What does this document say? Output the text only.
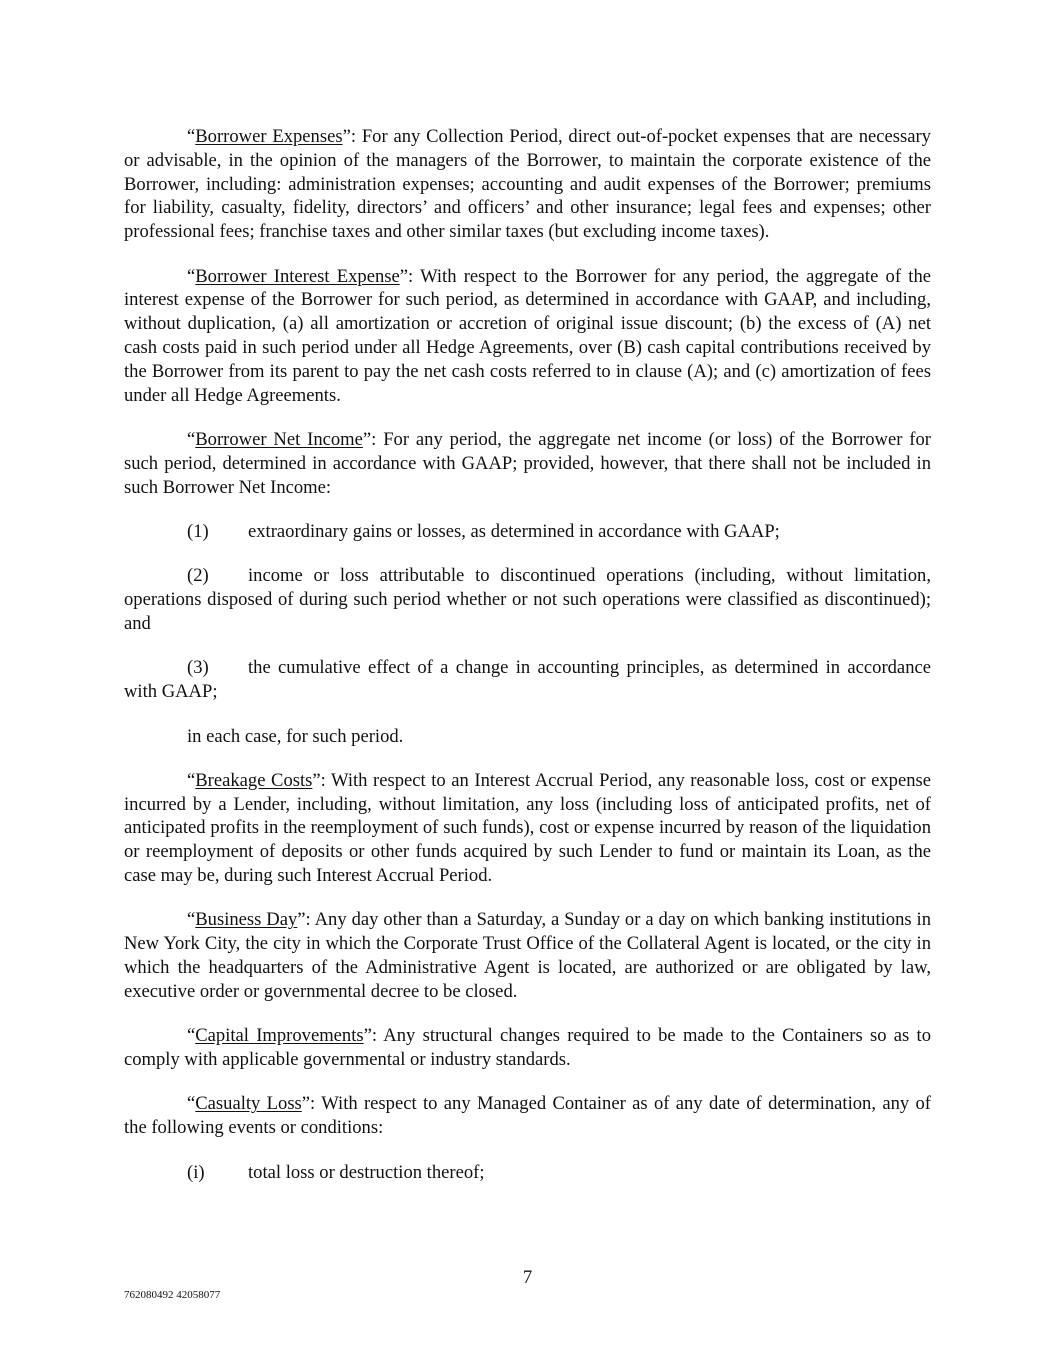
“Borrower Expenses”: For any Collection Period, direct out-of-pocket expenses that are necessary or advisable, in the opinion of the managers of the Borrower, to maintain the corporate existence of the Borrower, including: administration expenses; accounting and audit expenses of the Borrower; premiums for liability, casualty, fidelity, directors’ and officers’ and other insurance; legal fees and expenses; other professional fees; franchise taxes and other similar taxes (but excluding income taxes).

“Borrower Interest Expense”: With respect to the Borrower for any period, the aggregate of the interest expense of the Borrower for such period, as determined in accordance with GAAP, and including, without duplication, (a) all amortization or accretion of original issue discount; (b) the excess of (A) net cash costs paid in such period under all Hedge Agreements, over (B) cash capital contributions received by the Borrower from its parent to pay the net cash costs referred to in clause (A); and (c) amortization of fees under all Hedge Agreements.

“Borrower Net Income”: For any period, the aggregate net income (or loss) of the Borrower for such period, determined in accordance with GAAP; provided, however, that there shall not be included in such Borrower Net Income:

(1) extraordinary gains or losses, as determined in accordance with GAAP;

(2) income or loss attributable to discontinued operations (including, without limitation, operations disposed of during such period whether or not such operations were classified as discontinued); and

(3) the cumulative effect of a change in accounting principles, as determined in accordance with GAAP;

in each case, for such period.

“Breakage Costs”: With respect to an Interest Accrual Period, any reasonable loss, cost or expense incurred by a Lender, including, without limitation, any loss (including loss of anticipated profits, net of anticipated profits in the reemployment of such funds), cost or expense incurred by reason of the liquidation or reemployment of deposits or other funds acquired by such Lender to fund or maintain its Loan, as the case may be, during such Interest Accrual Period.

“Business Day”: Any day other than a Saturday, a Sunday or a day on which banking institutions in New York City, the city in which the Corporate Trust Office of the Collateral Agent is located, or the city in which the headquarters of the Administrative Agent is located, are authorized or are obligated by law, executive order or governmental decree to be closed.

“Capital Improvements”: Any structural changes required to be made to the Containers so as to comply with applicable governmental or industry standards.

“Casualty Loss”: With respect to any Managed Container as of any date of determination, any of the following events or conditions:

(i) total loss or destruction thereof;

7
762080492 42058077
